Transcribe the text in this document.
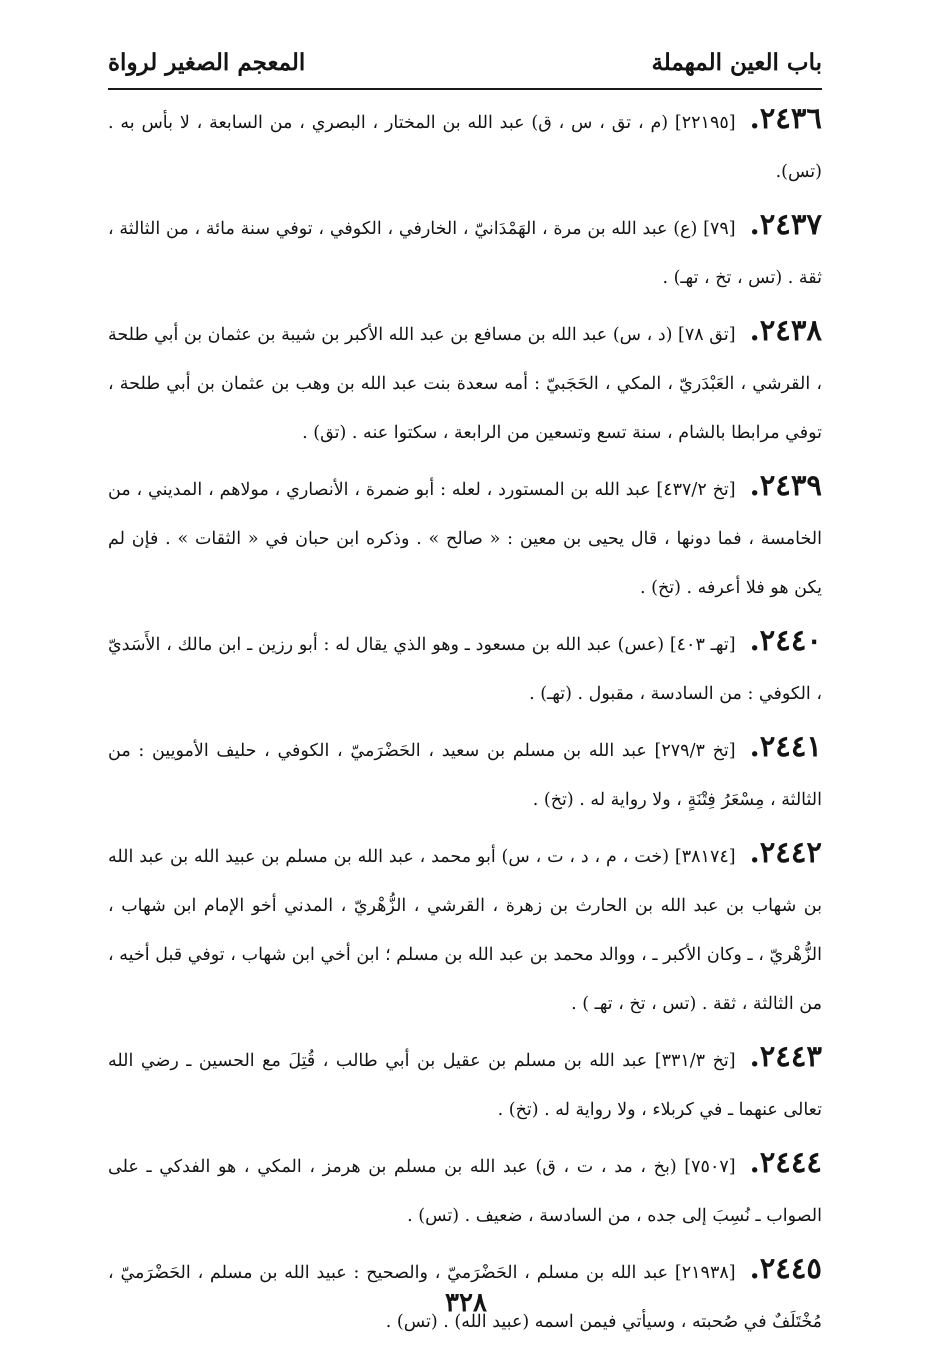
باب العين المهملة
المعجم الصغير لرواة

٢٤٣٦.[٢٢١٩٥] (م ، تق ، س ، ق) عبد الله بن المختار ، البصري ، من السابعة ، لا بأس به . (تس).

٢٤٣٧.[٧٩] (ع) عبد الله بن مرة ، الهَمْدَانيّ ، الخارفي ، الكوفي ، توفي سنة مائة ، من الثالثة ، ثقة . (تس ، تخ ، تهـ) .

٢٤٣٨.[تق ٧٨] (د ، س) عبد الله بن مسافع بن عبد الله الأكبر بن شيبة بن عثمان بن أبي طلحة ، القرشي ، العَبْدَريّ ، المكي ، الحَجَبيّ : أمه سعدة بنت عبد الله بن وهب بن عثمان بن أبي طلحة ، توفي مرابطا بالشام ، سنة تسع وتسعين من الرابعة ، سكتوا عنه . (تق) .

٢٤٣٩.[تخ ٤٣٧/٢] عبد الله بن المستورد ، لعله : أبو ضمرة ، الأنصاري ، مولاهم ، المديني ، من الخامسة ، فما دونها ، قال يحيى بن معين : « صالح » . وذكره ابن حبان في « الثقات » . فإن لم يكن هو فلا أعرفه . (تخ) .

٢٤٤٠.[تهـ ٤٠٣] (عس) عبد الله بن مسعود ـ وهو الذي يقال له : أبو رزين ـ ابن مالك ، الأَسَديّ ، الكوفي : من السادسة ، مقبول . (تهـ) .

٢٤٤١.[تخ ٢٧٩/٣] عبد الله بن مسلم بن سعيد ، الحَضْرَميّ ، الكوفي ، حليف الأمويين : من الثالثة ، مِسْعَرُ فِتْنَةٍ ، ولا رواية له . (تخ) .

٢٤٤٢.[٣٨١٧٤] (خت ، م ، د ، ت ، س) أبو محمد ، عبد الله بن مسلم بن عبيد الله بن عبد الله بن شهاب بن عبد الله بن الحارث بن زهرة ، القرشي ، الزُّهْريّ ، المدني أخو الإمام ابن شهاب ، الزُّهْريّ ، ـ وكان الأكبر ـ ، ووالد محمد بن عبد الله بن مسلم ؛ ابن أخي ابن شهاب ، توفي قبل أخيه ، من الثالثة ، ثقة . (تس ، تخ ، تهـ ) .

٢٤٤٣.[تخ ٣٣١/٣] عبد الله بن مسلم بن عقيل بن أبي طالب ، قُتِلَ مع الحسين ـ رضي الله تعالى عنهما ـ في كربلاء ، ولا رواية له . (تخ) .

٢٤٤٤.[٧٥٠٧] (بخ ، مد ، ت ، ق) عبد الله بن مسلم بن هرمز ، المكي ، هو الفدكي ـ على الصواب ـ نُسِبَ إلى جده ، من السادسة ، ضعيف . (تس) .

٢٤٤٥.[٢١٩٣٨] عبد الله بن مسلم ، الحَضْرَميّ ، والصحيح : عبيد الله بن مسلم ، الحَضْرَميّ ، مُخْتَلَفٌ في صُحبته ، وسيأتي فيمن اسمه (عبيد الله) . (تس) .

٣٢٨
